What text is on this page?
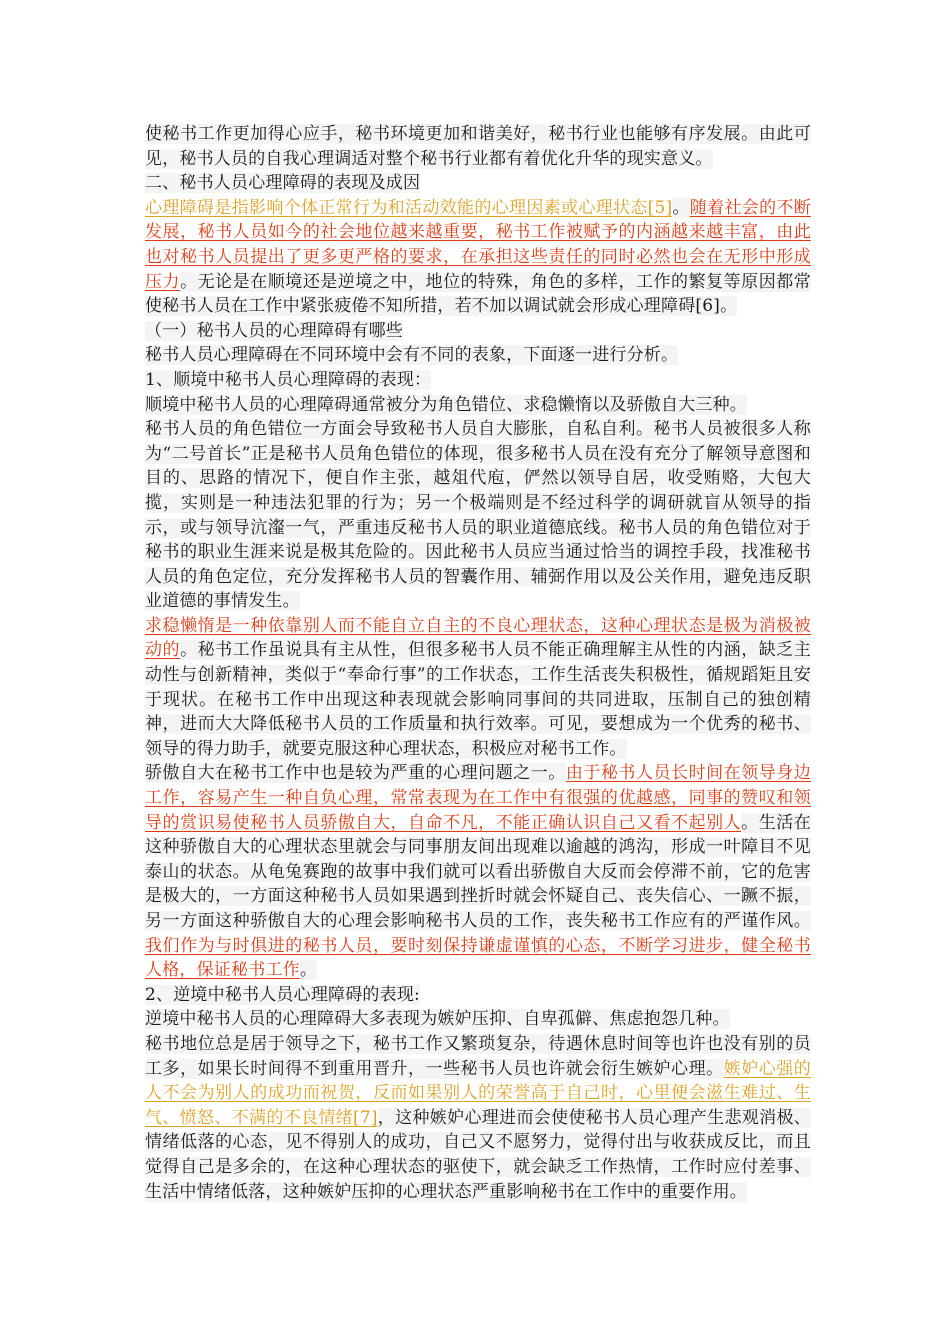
使秘书工作更加得心应手，秘书环境更加和谐美好，秘书行业也能够有序发展。由此可见，秘书人员的自我心理调适对整个秘书行业都有着优化升华的现实意义。

二、秘书人员心理障碍的表现及成因

心理障碍是指影响个体正常行为和活动效能的心理因素或心理状态[5]。随着社会的不断发展，秘书人员如今的社会地位越来越重要，秘书工作被赋予的内涵越来越丰富，由此也对秘书人员提出了更多更严格的要求，在承担这些责任的同时必然也会在无形中形成压力。无论是在顺境还是逆境之中，地位的特殊，角色的多样，工作的繁复等原因都常使秘书人员在工作中紧张疲倦不知所措，若不加以调试就会形成心理障碍[6]。

（一）秘书人员的心理障碍有哪些

秘书人员心理障碍在不同环境中会有不同的表象，下面逐一进行分析。

1、顺境中秘书人员心理障碍的表现：

顺境中秘书人员的心理障碍通常被分为角色错位、求稳懒惰以及骄傲自大三种。

秘书人员的角色错位一方面会导致秘书人员自大膨胀，自私自利。秘书人员被很多人称为“二号首长”正是秘书人员角色错位的体现，很多秘书人员在没有充分了解领导意图和目的、思路的情况下，便自作主张，越俎代庖，俨然以领导自居，收受贿赂，大包大揽，实则是一种违法犯罪的行为；另一个极端则是不经过科学的调研就盲从领导的指示，或与领导沆瀣一气，严重违反秘书人员的职业道德底线。秘书人员的角色错位对于秘书的职业生涯来说是极其危险的。因此秘书人员应当通过恰当的调控手段，找准秘书人员的角色定位，充分发挥秘书人员的智囊作用、辅弼作用以及公关作用，避免违反职业道德的事情发生。

求稳懒惰是一种依靠别人而不能自立自主的不良心理状态，这种心理状态是极为消极被动的。秘书工作虽说具有主从性，但很多秘书人员不能正确理解主从性的内涵，缺乏主动性与创新精神，类似于“奉命行事”的工作状态，工作生活丧失积极性，循规蹈矩且安于现状。在秘书工作中出现这种表现就会影响同事间的共同进取，压制自己的独创精神，进而大大降低秘书人员的工作质量和执行效率。可见，要想成为一个优秀的秘书、领导的得力助手，就要克服这种心理状态，积极应对秘书工作。

骄傲自大在秘书工作中也是较为严重的心理问题之一。由于秘书人员长时间在领导身边工作，容易产生一种自负心理，常常表现为在工作中有很强的优越感，同事的赞叹和领导的赏识易使秘书人员骄傲自大，自命不凡，不能正确认识自己又看不起别人。生活在这种骄傲自大的心理状态里就会与同事朋友间出现难以逾越的鸿沟，形成一叶障目不见泰山的状态。从龟兔赛跑的故事中我们就可以看出骄傲自大反而会停滞不前，它的危害是极大的，一方面这种秘书人员如果遇到挫折时就会怀疑自己、丧失信心、一蹶不振，另一方面这种骄傲自大的心理会影响秘书人员的工作，丧失秘书工作应有的严谨作风。我们作为与时俱进的秘书人员，要时刻保持谦虚谨慎的心态，不断学习进步，健全秘书人格，保证秘书工作。

2、逆境中秘书人员心理障碍的表现:

逆境中秘书人员的心理障碍大多表现为嫉妒压抑、自卑孤僻、焦虑抱怨几种。

秘书地位总是居于领导之下，秘书工作又繁琐复杂，待遇休息时间等也许也没有别的员工多，如果长时间得不到重用晋升，一些秘书人员也许就会衍生嫉妒心理。嫉妒心强的人不会为别人的成功而祝贺，反而如果别人的荣誉高于自己时，心里便会滋生难过、生气、愤怒、不满的不良情绪[7]，这种嫉妒心理进而会使使秘书人员心理产生悲观消极、情绪低落的心态，见不得别人的成功，自己又不愿努力，觉得付出与收获成反比，而且觉得自己是多余的，在这种心理状态的驱使下，就会缺乏工作热情，工作时应付差事、生活中情绪低落，这种嫉妒压抑的心理状态严重影响秘书在工作中的重要作用。
